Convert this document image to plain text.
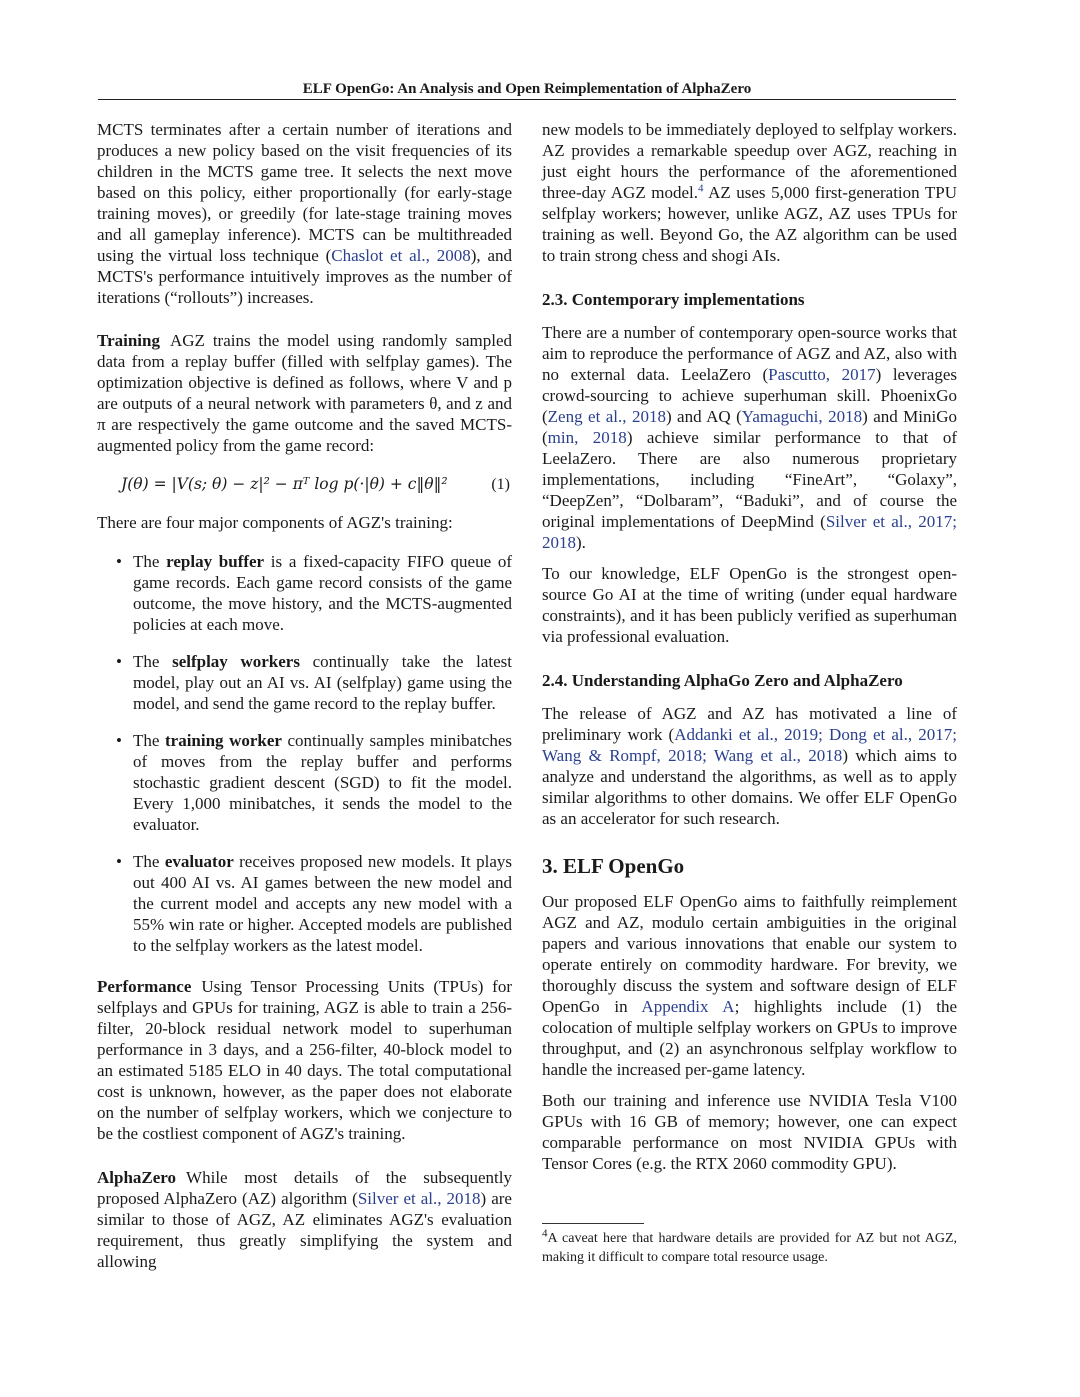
ELF OpenGo: An Analysis and Open Reimplementation of AlphaZero

MCTS terminates after a certain number of iterations and produces a new policy based on the visit frequencies of its children in the MCTS game tree. It selects the next move based on this policy, either proportionally (for early-stage training moves), or greedily (for late-stage training moves and all gameplay inference). MCTS can be multithreaded using the virtual loss technique (Chaslot et al., 2008), and MCTS's performance intuitively improves as the number of iterations (“rollouts”) increases.

Training AGZ trains the model using randomly sampled data from a replay buffer (filled with selfplay games). The optimization objective is defined as follows, where V and p are outputs of a neural network with parameters θ, and z and π are respectively the game outcome and the saved MCTS-augmented policy from the game record:

J(θ) = |V(s; θ) − z|² − πᵀ log p(·|θ) + c‖θ‖²	(1)

There are four major components of AGZ's training:

• The replay buffer is a fixed-capacity FIFO queue of game records. Each game record consists of the game outcome, the move history, and the MCTS-augmented policies at each move.
• The selfplay workers continually take the latest model, play out an AI vs. AI (selfplay) game using the model, and send the game record to the replay buffer.
• The training worker continually samples minibatches of moves from the replay buffer and performs stochastic gradient descent (SGD) to fit the model. Every 1,000 minibatches, it sends the model to the evaluator.
• The evaluator receives proposed new models. It plays out 400 AI vs. AI games between the new model and the current model and accepts any new model with a 55% win rate or higher. Accepted models are published to the selfplay workers as the latest model.

Performance Using Tensor Processing Units (TPUs) for selfplays and GPUs for training, AGZ is able to train a 256-filter, 20-block residual network model to superhuman performance in 3 days, and a 256-filter, 40-block model to an estimated 5185 ELO in 40 days. The total computational cost is unknown, however, as the paper does not elaborate on the number of selfplay workers, which we conjecture to be the costliest component of AGZ's training.

AlphaZero While most details of the subsequently proposed AlphaZero (AZ) algorithm (Silver et al., 2018) are similar to those of AGZ, AZ eliminates AGZ's evaluation requirement, thus greatly simplifying the system and allowing

new models to be immediately deployed to selfplay workers. AZ provides a remarkable speedup over AGZ, reaching in just eight hours the performance of the aforementioned three-day AGZ model.$^4$ AZ uses 5,000 first-generation TPU selfplay workers; however, unlike AGZ, AZ uses TPUs for training as well. Beyond Go, the AZ algorithm can be used to train strong chess and shogi AIs.

2.3. Contemporary implementations

There are a number of contemporary open-source works that aim to reproduce the performance of AGZ and AZ, also with no external data. LeelaZero (Pascutto, 2017) leverages crowd-sourcing to achieve superhuman skill. PhoenixGo (Zeng et al., 2018) and AQ (Yamaguchi, 2018) and MiniGo (min, 2018) achieve similar performance to that of LeelaZero. There are also numerous proprietary implementations, including “FineArt”, “Golaxy”, “DeepZen”, “Dolbaram”, “Baduki”, and of course the original implementations of DeepMind (Silver et al., 2017; 2018).

To our knowledge, ELF OpenGo is the strongest open-source Go AI at the time of writing (under equal hardware constraints), and it has been publicly verified as superhuman via professional evaluation.

2.4. Understanding AlphaGo Zero and AlphaZero

The release of AGZ and AZ has motivated a line of preliminary work (Addanki et al., 2019; Dong et al., 2017; Wang & Rompf, 2018; Wang et al., 2018) which aims to analyze and understand the algorithms, as well as to apply similar algorithms to other domains. We offer ELF OpenGo as an accelerator for such research.

3. ELF OpenGo

Our proposed ELF OpenGo aims to faithfully reimplement AGZ and AZ, modulo certain ambiguities in the original papers and various innovations that enable our system to operate entirely on commodity hardware. For brevity, we thoroughly discuss the system and software design of ELF OpenGo in Appendix A; highlights include (1) the colocation of multiple selfplay workers on GPUs to improve throughput, and (2) an asynchronous selfplay workflow to handle the increased per-game latency.

Both our training and inference use NVIDIA Tesla V100 GPUs with 16 GB of memory; however, one can expect comparable performance on most NVIDIA GPUs with Tensor Cores (e.g. the RTX 2060 commodity GPU).

$^4$A caveat here that hardware details are provided for AZ but not AGZ, making it difficult to compare total resource usage.
